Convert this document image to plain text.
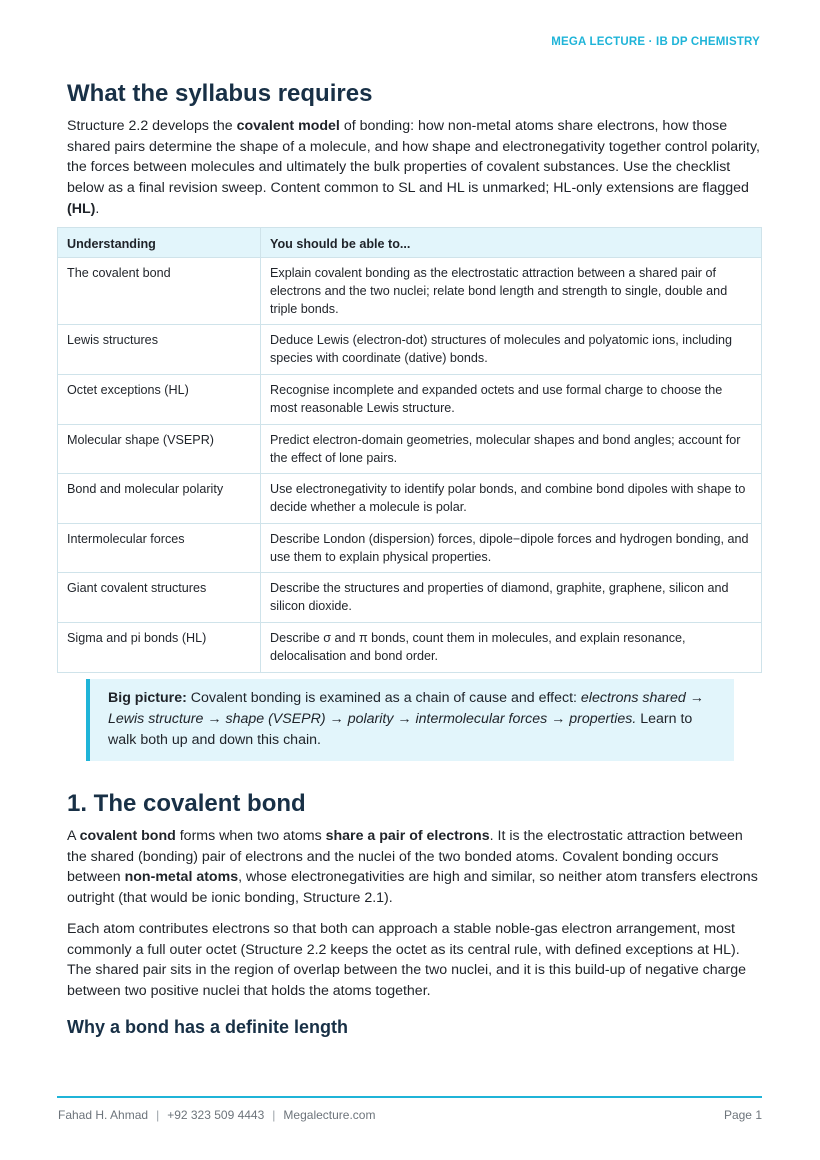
MEGA LECTURE · IB DP CHEMISTRY
What the syllabus requires

Structure 2.2 develops the covalent model of bonding: how non-metal atoms share electrons, how those shared pairs determine the shape of a molecule, and how shape and electronegativity together control polarity, the forces between molecules and ultimately the bulk properties of covalent substances. Use the checklist below as a final revision sweep. Content common to SL and HL is unmarked; HL-only extensions are flagged (HL).

Understanding	You should be able to...
The covalent bond	Explain covalent bonding as the electrostatic attraction between a shared pair of electrons and the two nuclei; relate bond length and strength to single, double and triple bonds.
Lewis structures	Deduce Lewis (electron-dot) structures of molecules and polyatomic ions, including species with coordinate (dative) bonds.
Octet exceptions (HL)	Recognise incomplete and expanded octets and use formal charge to choose the most reasonable Lewis structure.
Molecular shape (VSEPR)	Predict electron-domain geometries, molecular shapes and bond angles; account for the effect of lone pairs.
Bond and molecular polarity	Use electronegativity to identify polar bonds, and combine bond dipoles with shape to decide whether a molecule is polar.
Intermolecular forces	Describe London (dispersion) forces, dipole−dipole forces and hydrogen bonding, and use them to explain physical properties.
Giant covalent structures	Describe the structures and properties of diamond, graphite, graphene, silicon and silicon dioxide.
Sigma and pi bonds (HL)	Describe σ and π bonds, count them in molecules, and explain resonance, delocalisation and bond order.

Big picture: Covalent bonding is examined as a chain of cause and effect: electrons shared → Lewis structure → shape (VSEPR) → polarity → intermolecular forces → properties. Learn to walk both up and down this chain.

1. The covalent bond

A covalent bond forms when two atoms share a pair of electrons. It is the electrostatic attraction between the shared (bonding) pair of electrons and the nuclei of the two bonded atoms. Covalent bonding occurs between non-metal atoms, whose electronegativities are high and similar, so neither atom transfers electrons outright (that would be ionic bonding, Structure 2.1).

Each atom contributes electrons so that both can approach a stable noble-gas electron arrangement, most commonly a full outer octet (Structure 2.2 keeps the octet as its central rule, with defined exceptions at HL). The shared pair sits in the region of overlap between the two nuclei, and it is this build-up of negative charge between two positive nuclei that holds the atoms together.

Why a bond has a definite length
Fahad H. Ahmad | +92 323 509 4443 | Megalecture.com	Page 1
